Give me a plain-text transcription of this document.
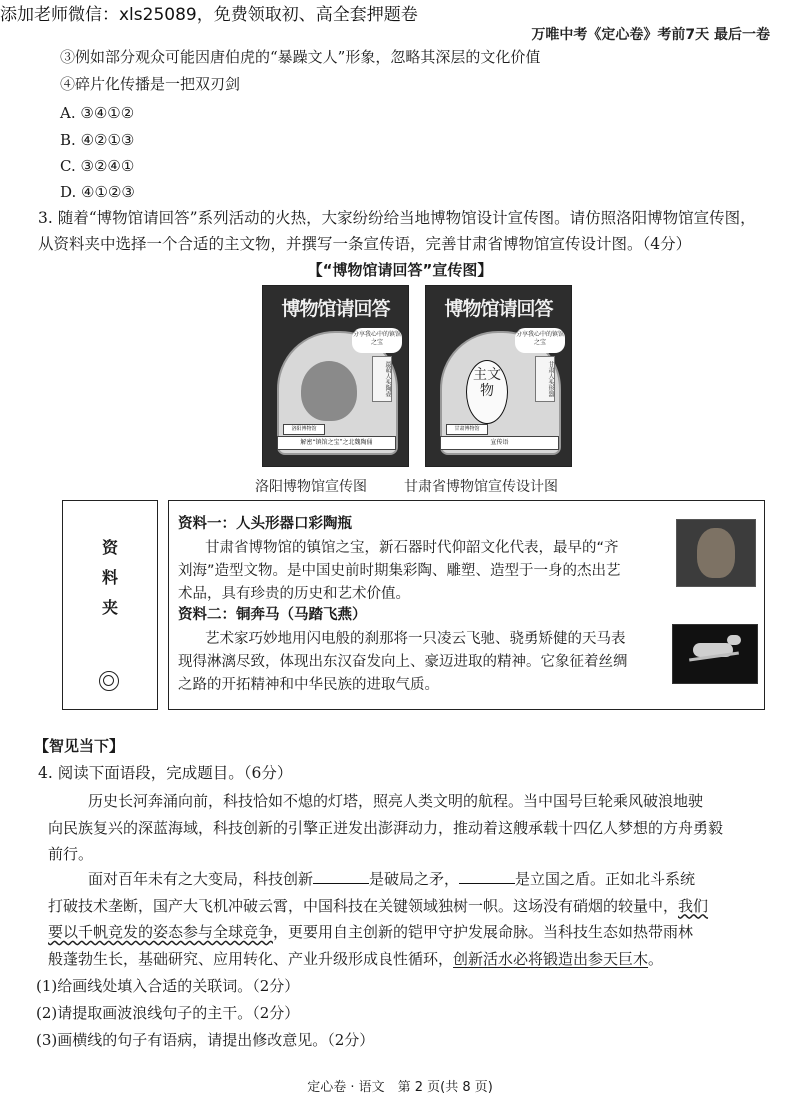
添加老师微信：xls25089，免费领取初、高全套押题卷
万唯中考《定心卷》考前7天 最后一卷
③例如部分观众可能因唐伯虎的“暴躁文人”形象，忽略其深层的文化价值
④碎片化传播是一把双刃剑
A. ③④①②
B. ④②①③
C. ③②④①
D. ④①②③
3. 随着“博物馆请回答”系列活动的火热，大家纷纷给当地博物馆设计宣传图。请仿照洛阳博物馆宣传图，
从资料夹中选择一个合适的主文物，并撰写一条宣传语，完善甘肃省博物馆宣传设计图。（4分）
【“博物馆请回答”宣传图】
博物馆请回答
分享我心中的镇馆之宝
最萌人头陶壶
洛阳博物馆
解密“镇馆之宝”之北魏陶俑
博物馆请回答
主文物
分享我心中的镇馆之宝
甘肃人头形器
甘肃博物馆
宣传语
洛阳博物馆宣传图	甘肃省博物馆宣传设计图
资
料
夹
资料一：人头形器口彩陶瓶
甘肃省博物馆的镇馆之宝，新石器时代仰韶文化代表，最早的“齐
刘海”造型文物。是中国史前时期集彩陶、雕塑、造型于一身的杰出艺
术品，具有珍贵的历史和艺术价值。
资料二：铜奔马（马踏飞燕）
艺术家巧妙地用闪电般的刹那将一只凌云飞驰、骁勇矫健的天马表
现得淋漓尽致，体现出东汉奋发向上、豪迈进取的精神。它象征着丝绸
之路的开拓精神和中华民族的进取气质。
【智见当下】
4. 阅读下面语段，完成题目。（6分）
历史长河奔涌向前，科技恰如不熄的灯塔，照亮人类文明的航程。当中国号巨轮乘风破浪地驶
向民族复兴的深蓝海域，科技创新的引擎正迸发出澎湃动力，推动着这艘承载十四亿人梦想的方舟勇毅
前行。
面对百年未有之大变局，科技创新	是破局之矛，	是立国之盾。正如北斗系统
打破技术垄断，国产大飞机冲破云霄，中国科技在关键领域独树一帜。这场没有硝烟的较量中，我们
要以千帆竞发的姿态参与全球竞争，更要用自主创新的铠甲守护发展命脉。当科技生态如热带雨林
般蓬勃生长，基础研究、应用转化、产业升级形成良性循环，创新活水必将锻造出参天巨木。
(1)给画线处填入合适的关联词。（2分）
(2)请提取画波浪线句子的主干。（2分）
(3)画横线的句子有语病，请提出修改意见。（2分）
定心卷 · 语文　第 2 页(共 8 页)
